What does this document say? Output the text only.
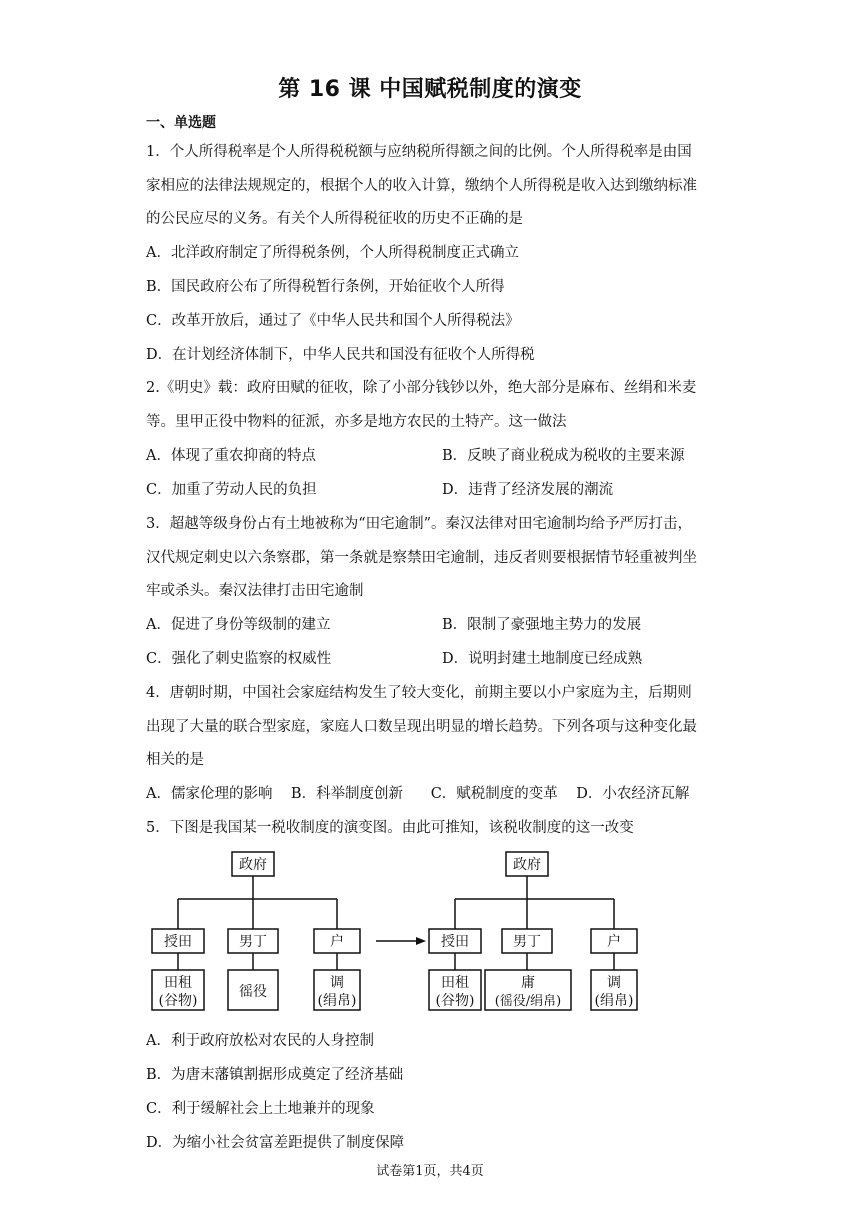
第 16 课 中国赋税制度的演变
一、单选题
1．个人所得税率是个人所得税税额与应纳税所得额之间的比例。个人所得税率是由国
家相应的法律法规规定的，根据个人的收入计算，缴纳个人所得税是收入达到缴纳标准
的公民应尽的义务。有关个人所得税征收的历史不正确的是
A．北洋政府制定了所得税条例，个人所得税制度正式确立
B．国民政府公布了所得税暂行条例，开始征收个人所得
C．改革开放后，通过了《中华人民共和国个人所得税法》
D．在计划经济体制下，中华人民共和国没有征收个人所得税
2.《明史》载：政府田赋的征收，除了小部分钱钞以外，绝大部分是麻布、丝绢和米麦
等。里甲正役中物料的征派，亦多是地方农民的土特产。这一做法
A．体现了重农抑商的特点	B．反映了商业税成为税收的主要来源
C．加重了劳动人民的负担	D．违背了经济发展的潮流
3．超越等级身份占有土地被称为“田宅逾制”。秦汉法律对田宅逾制均给予严厉打击，
汉代规定刺史以六条察郡，第一条就是察禁田宅逾制，违反者则要根据情节轻重被判坐
牢或杀头。秦汉法律打击田宅逾制
A．促进了身份等级制的建立	B．限制了豪强地主势力的发展
C．强化了刺史监察的权威性	D．说明封建土地制度已经成熟
4．唐朝时期，中国社会家庭结构发生了较大变化，前期主要以小户家庭为主，后期则
出现了大量的联合型家庭，家庭人口数呈现出明显的增长趋势。下列各项与这种变化最
相关的是
A．儒家伦理的影响    B．科举制度创新      C．赋税制度的变革    D．小农经济瓦解
5．下图是我国某一税收制度的演变图。由此可推知，该税收制度的这一改变
政府
授田	男丁	户
田租
(谷物)
徭役
调
(绢帛)
政府
授田	男丁	户
田租
(谷物)
庸
(徭役/绢帛)
调
(绢帛)
A．利于政府放松对农民的人身控制
B．为唐末藩镇割据形成奠定了经济基础
C．利于缓解社会上土地兼并的现象
D．为缩小社会贫富差距提供了制度保障
试卷第1页，共4页
